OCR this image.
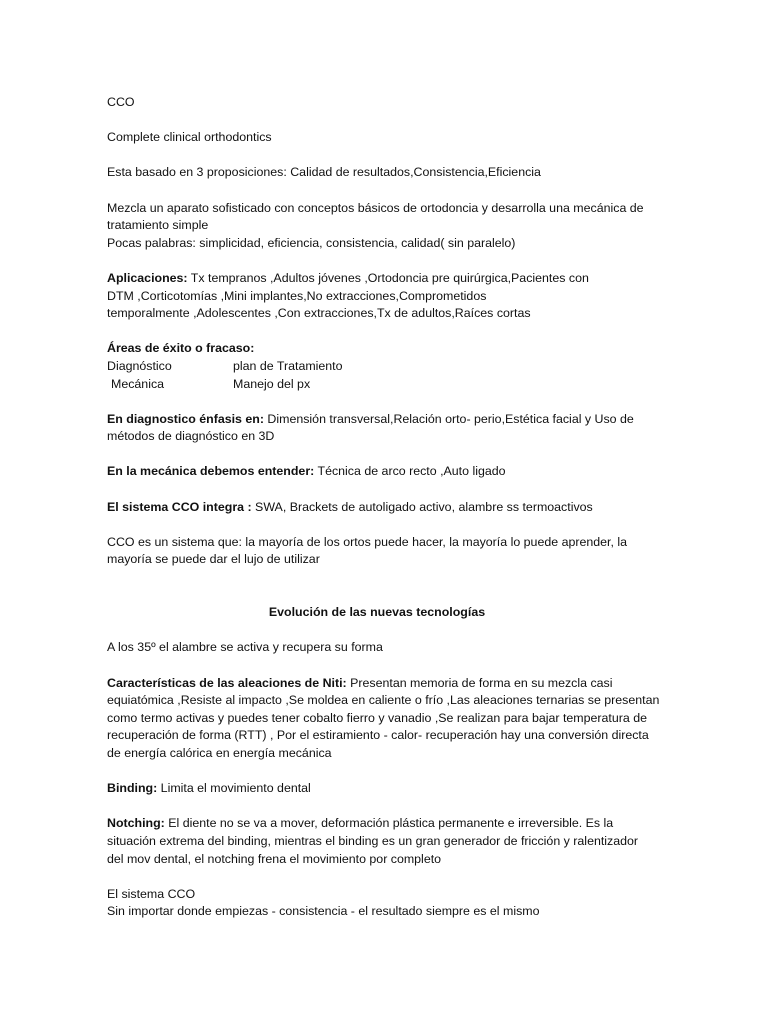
CCO

Complete clinical orthodontics

Esta basado en 3 proposiciones: Calidad de resultados,Consistencia,Eficiencia

Mezcla un aparato sofisticado con conceptos básicos de ortodoncia y desarrolla una mecánica de

tratamiento simple

Pocas palabras: simplicidad, eficiencia, consistencia, calidad( sin paralelo)

Aplicaciones: Tx tempranos ,Adultos jóvenes ,Ortodoncia pre quirúrgica,Pacientes con

DTM ,Corticotomías ,Mini implantes,No extracciones,Comprometidos

temporalmente ,Adolescentes ,Con extracciones,Tx de adultos,Raíces cortas

Áreas de éxito o fracaso:

Diagnóstico	plan de Tratamiento
Mecánica	Manejo del px

En diagnostico énfasis en: Dimensión transversal,Relación orto- perio,Estética facial y Uso de

métodos de diagnóstico en 3D

En la mecánica debemos entender: Técnica de arco recto ,Auto ligado

El sistema CCO integra : SWA, Brackets de autoligado activo, alambre ss termoactivos

CCO es un sistema que: la mayoría de los ortos puede hacer, la mayoría lo puede aprender, la

mayoría se puede dar el lujo de utilizar

Evolución de las nuevas tecnologías

A los 35º el alambre se activa y recupera su forma

Características de las aleaciones de Niti: Presentan memoria de forma en su mezcla casi

equiatómica ,Resiste al impacto ,Se moldea en caliente o frío ,Las aleaciones ternarias se presentan

como termo activas y puedes tener cobalto fierro y vanadio ,Se realizan para bajar temperatura de

recuperación de forma (RTT) , Por el estiramiento - calor- recuperación hay una conversión directa

de energía calórica en energía mecánica

Binding: Limita el movimiento dental

Notching: El diente no se va a mover, deformación plástica permanente e irreversible. Es la

situación extrema del binding, mientras el binding es un gran generador de fricción y ralentizador

del mov dental, el notching frena el movimiento por completo

El sistema CCO

Sin importar donde empiezas - consistencia - el resultado siempre es el mismo
